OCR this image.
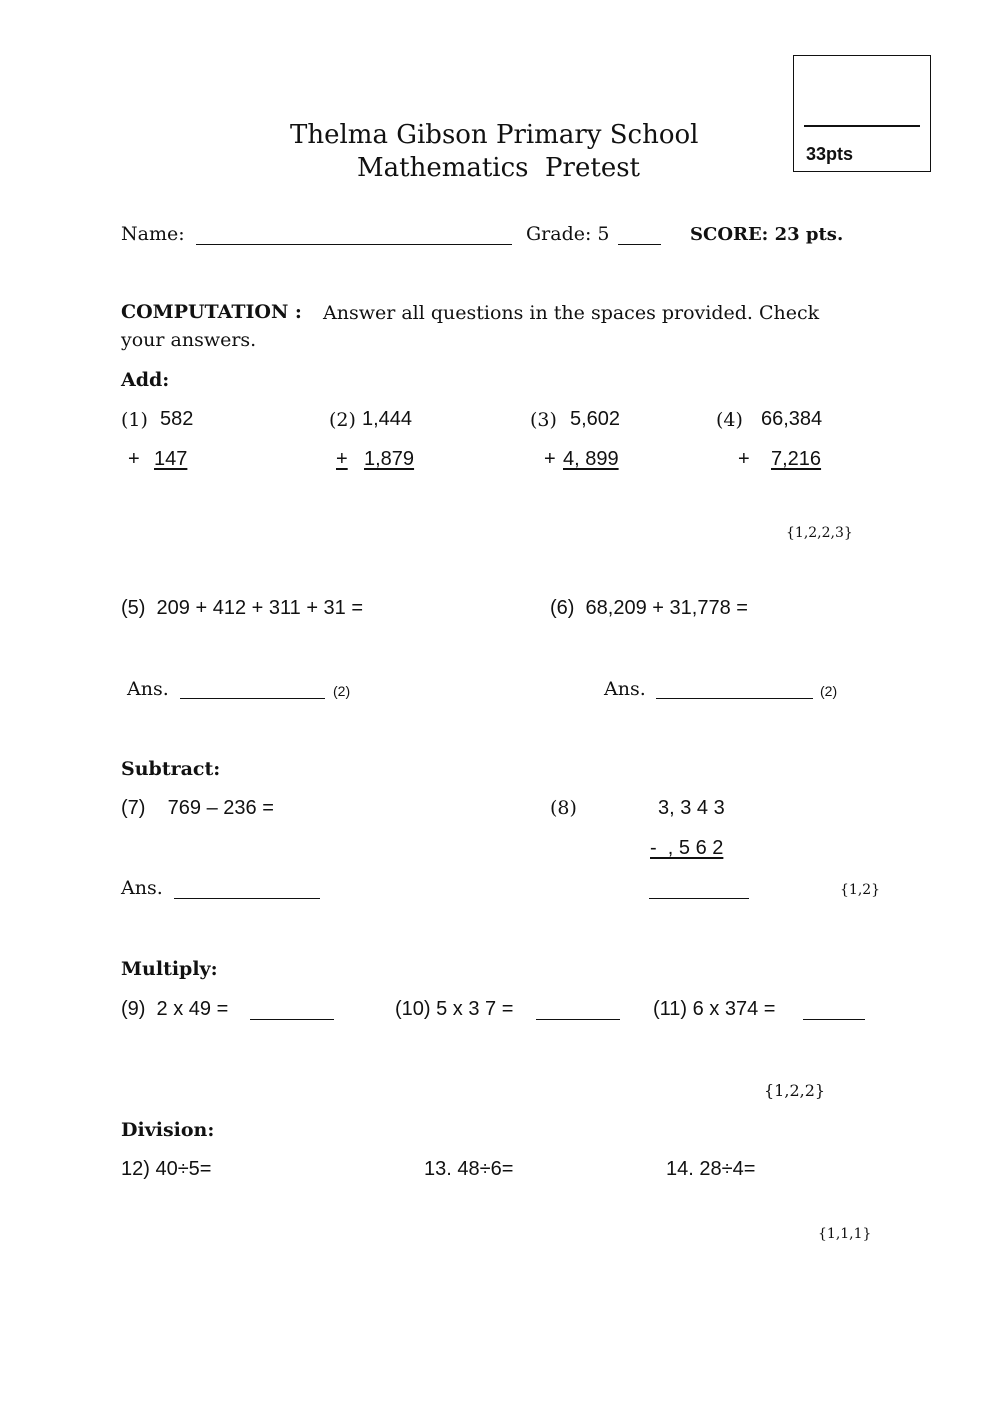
33pts
Thelma Gibson Primary School
Mathematics  Pretest
Name:	Grade: 5	SCORE: 23 pts.
COMPUTATION : Answer all questions in the spaces provided. Check
your answers.
Add:
(1) 582
+ 147
(2) 1,444
+ 1,879
(3) 5,602
+ 4, 899
(4) 66,384
+	7,216
{1,2,2,3}
(5)  209 + 412 + 311 + 31 =	(6)  68,209 + 31,778 =
Ans.	(2)	Ans.	(2)
Subtract:
(7)    769 – 236 =	(8)	3, 3 4 3
-  , 5 6 2
Ans.	{1,2}
Multiply:
(9)  2 x 49 =	(10) 5 x 3 7 =	(11) 6 x 374 =
{1,2,2}
Division:
12) 40÷5=	13. 48÷6=	14. 28÷4=
{1,1,1}
